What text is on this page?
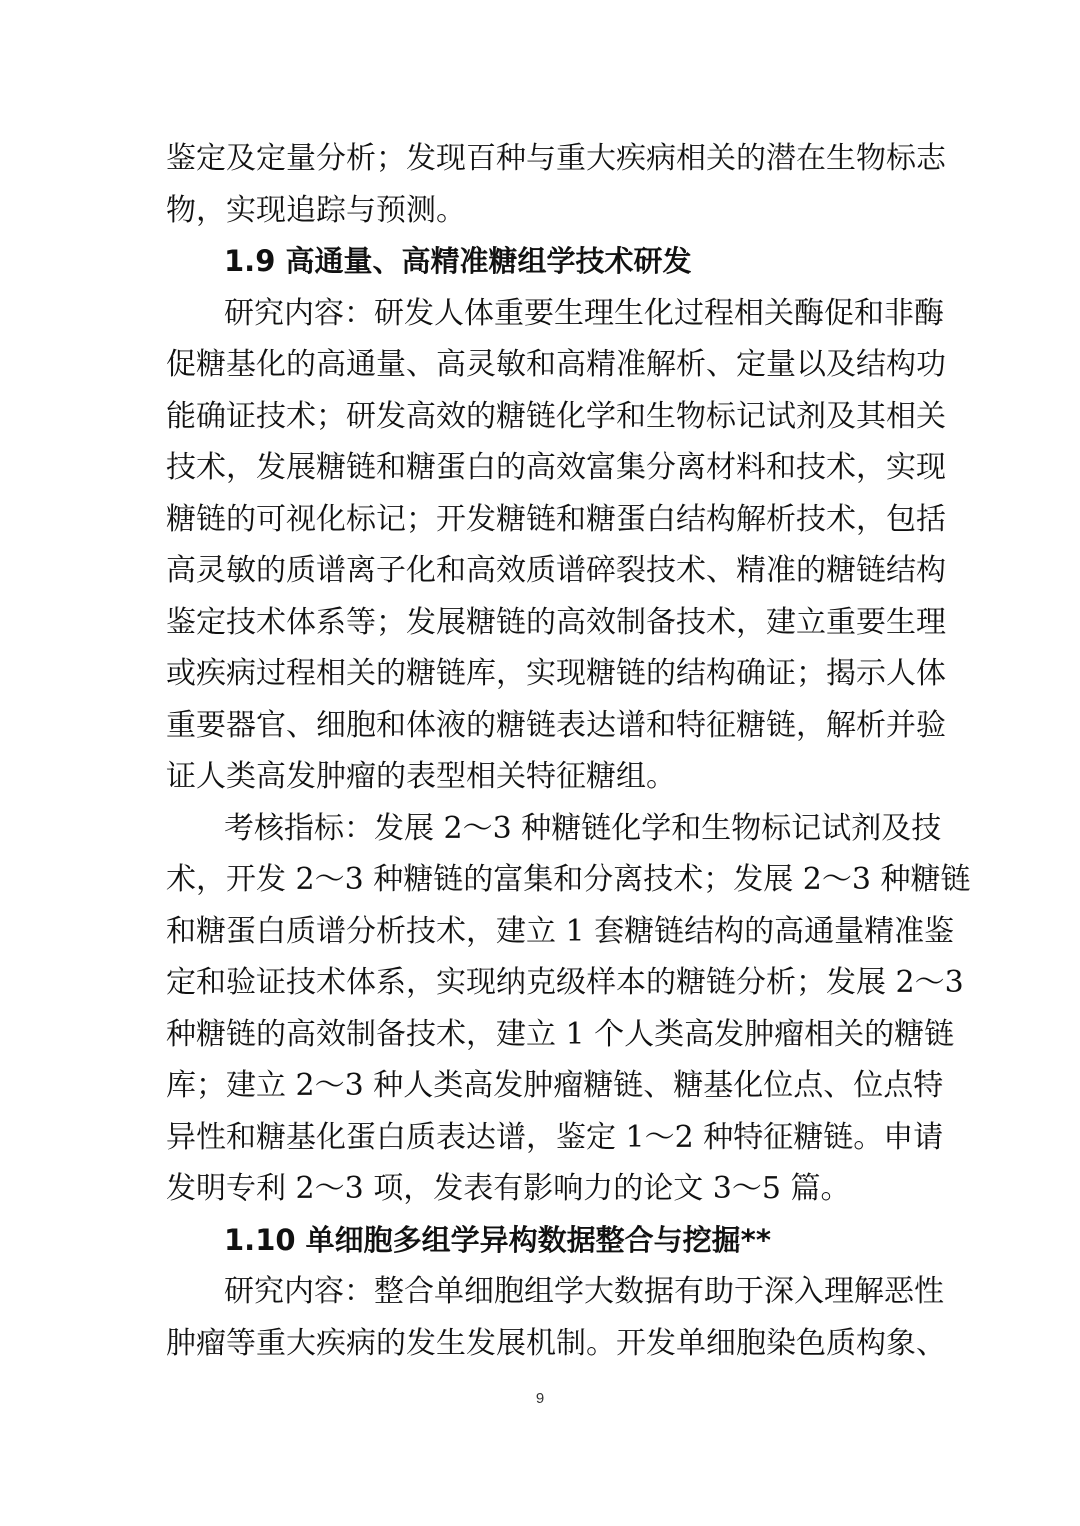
鉴定及定量分析；发现百种与重大疾病相关的潜在生物标志
物，实现追踪与预测。
1.9 高通量、高精准糖组学技术研发
研究内容：研发人体重要生理生化过程相关酶促和非酶
促糖基化的高通量、高灵敏和高精准解析、定量以及结构功
能确证技术；研发高效的糖链化学和生物标记试剂及其相关
技术，发展糖链和糖蛋白的高效富集分离材料和技术，实现
糖链的可视化标记；开发糖链和糖蛋白结构解析技术，包括
高灵敏的质谱离子化和高效质谱碎裂技术、精准的糖链结构
鉴定技术体系等；发展糖链的高效制备技术，建立重要生理
或疾病过程相关的糖链库，实现糖链的结构确证；揭示人体
重要器官、细胞和体液的糖链表达谱和特征糖链，解析并验
证人类高发肿瘤的表型相关特征糖组。
考核指标：发展 2～3 种糖链化学和生物标记试剂及技
术，开发 2～3 种糖链的富集和分离技术；发展 2～3 种糖链
和糖蛋白质谱分析技术，建立 1 套糖链结构的高通量精准鉴
定和验证技术体系，实现纳克级样本的糖链分析；发展 2～3
种糖链的高效制备技术，建立 1 个人类高发肿瘤相关的糖链
库；建立 2～3 种人类高发肿瘤糖链、糖基化位点、位点特
异性和糖基化蛋白质表达谱，鉴定 1～2 种特征糖链。申请
发明专利 2～3 项，发表有影响力的论文 3～5 篇。
1.10 单细胞多组学异构数据整合与挖掘**
研究内容：整合单细胞组学大数据有助于深入理解恶性
肿瘤等重大疾病的发生发展机制。开发单细胞染色质构象、
9
